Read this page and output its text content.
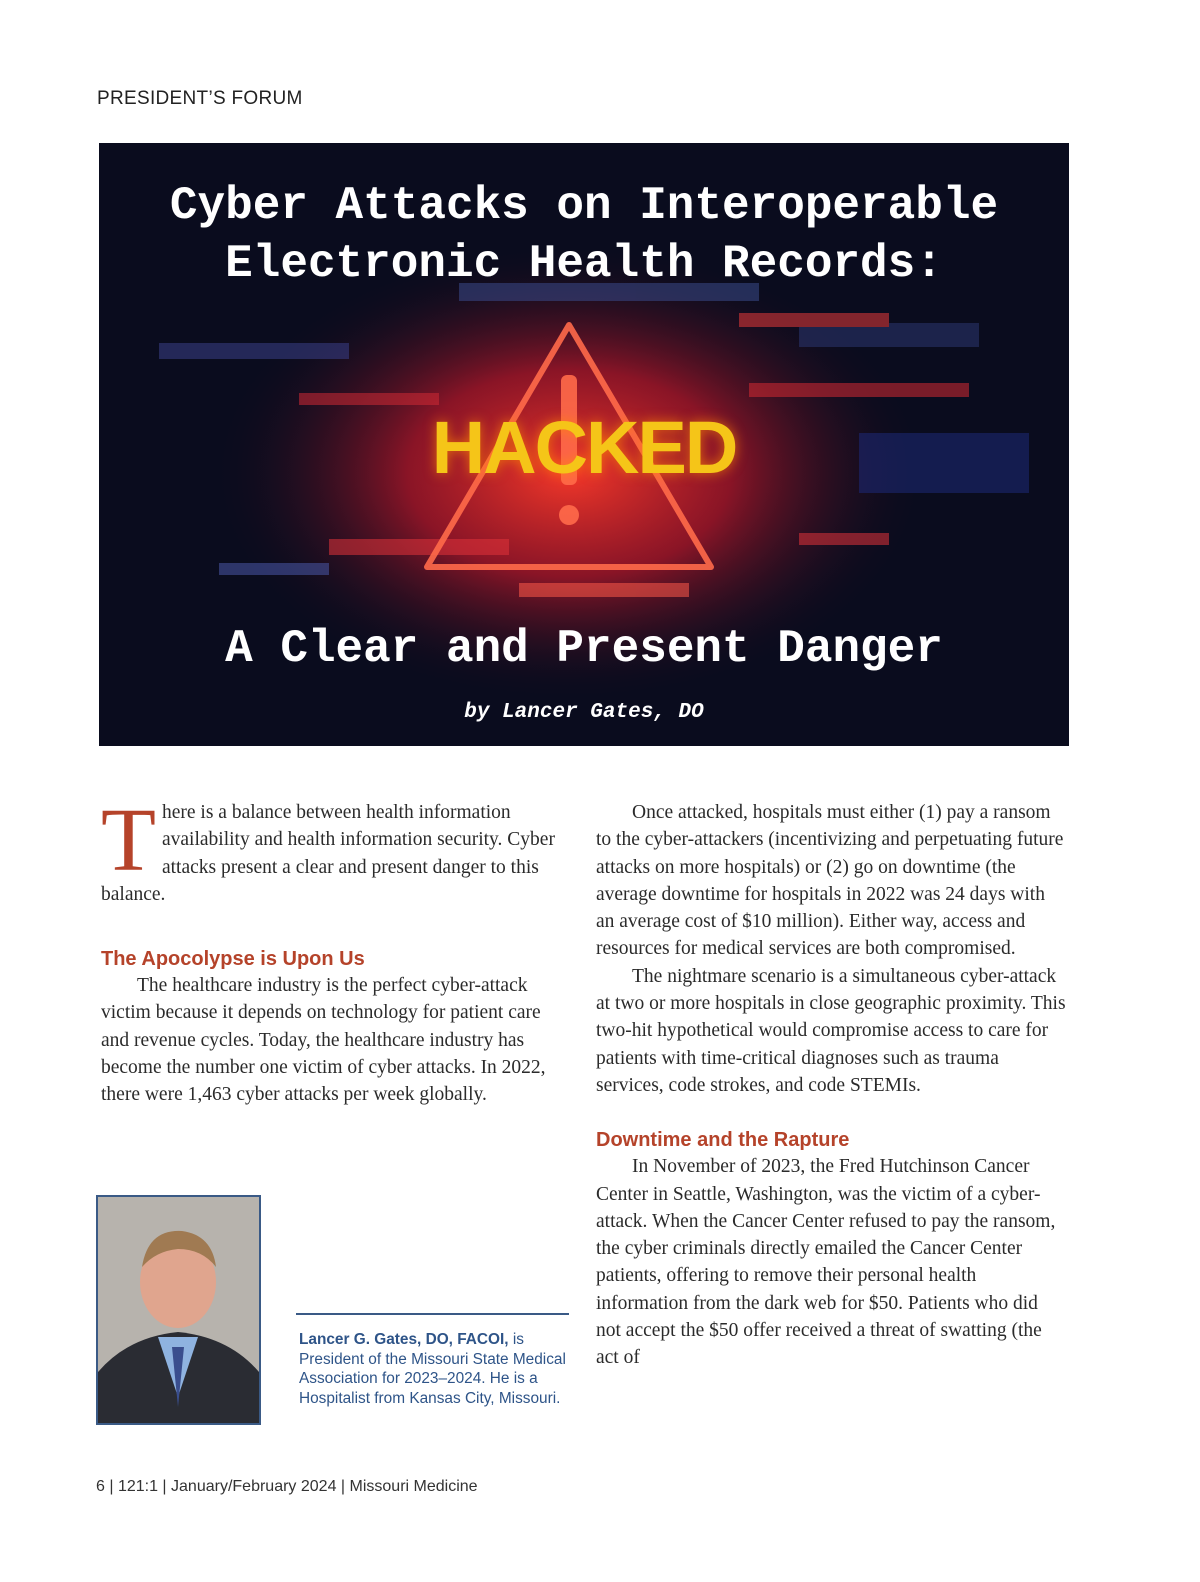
PRESIDENT’S FORUM
HACKED
Cyber Attacks on Interoperable
Electronic Health Records:
A Clear and Present Danger
by Lancer Gates, DO

There is a balance between health information availability and health information security. Cyber attacks present a clear and present danger to this balance.

The Apocolypse is Upon Us

The healthcare industry is the perfect cyber-attack victim because it depends on technology for patient care and revenue cycles. Today, the healthcare industry has become the number one victim of cyber attacks. In 2022, there were 1,463 cyber attacks per week globally.

Once attacked, hospitals must either (1) pay a ransom to the cyber-attackers (incentivizing and perpetuating future attacks on more hospitals) or (2) go on downtime (the average downtime for hospitals in 2022 was 24 days with an average cost of $10 million). Either way, access and resources for medical services are both compromised.

The nightmare scenario is a simultaneous cyber-attack at two or more hospitals in close geographic proximity. This two-hit hypothetical would compromise access to care for patients with time-critical diagnoses such as trauma services, code strokes, and code STEMIs.

Downtime and the Rapture

In November of 2023, the Fred Hutchinson Cancer Center in Seattle, Washington, was the victim of a cyber-attack. When the Cancer Center refused to pay the ransom, the cyber criminals directly emailed the Cancer Center patients, offering to remove their personal health information from the dark web for $50. Patients who did not accept the $50 offer received a threat of swatting (the act of

Lancer G. Gates, DO, FACOI, is President of the Missouri State Medical Association for 2023–2024. He is a Hospitalist from Kansas City, Missouri.
6 | 121:1 | January/February 2024 | Missouri Medicine
